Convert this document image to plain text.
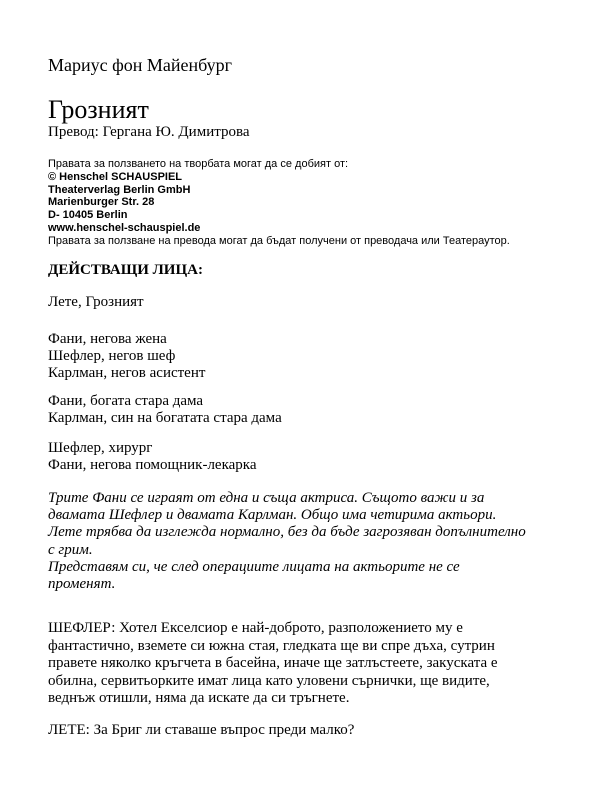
Мариус фон Майенбург
Грозният
Превод: Гергана Ю. Димитрова
Правата за ползването на творбата могат да се добият от:
© Henschel SCHAUSPIEL
Theaterverlag Berlin GmbH
Marienburger Str. 28
D- 10405 Berlin
www.henschel-schauspiel.de
Правата за ползване на превода могат да бъдат получени от преводача или Театераутор.
ДЕЙСТВАЩИ ЛИЦА:
Лете, Грозният
Фани, негова жена
Шефлер, негов шеф
Карлман, негов асистент
Фани, богата стара дама
Карлман, син на богатата стара дама
Шефлер, хирург
Фани, негова помощник-лекарка
Трите Фани се играят от една и съща актриса. Същото важи и за
двамата Шефлер и двамата Карлман. Общо има четирима актьори.
Лете трябва да изглежда нормално, без да бъде загрозяван допълнително
с грим.
Представям си, че след операциите лицата на актьорите не се
променят.
ШЕФЛЕР: Хотел Екселсиор е най-доброто, разположението му е
фантастично, вземете си южна стая, гледката ще ви спре дъха, сутрин
правете няколко кръгчета в басейна, иначе ще затлъстеете, закуската е
обилна, сервитьорките имат лица като уловени сърнички, ще видите,
веднъж отишли, няма да искате да си тръгнете.
ЛЕТЕ: За Бриг ли ставаше въпрос преди малко?
